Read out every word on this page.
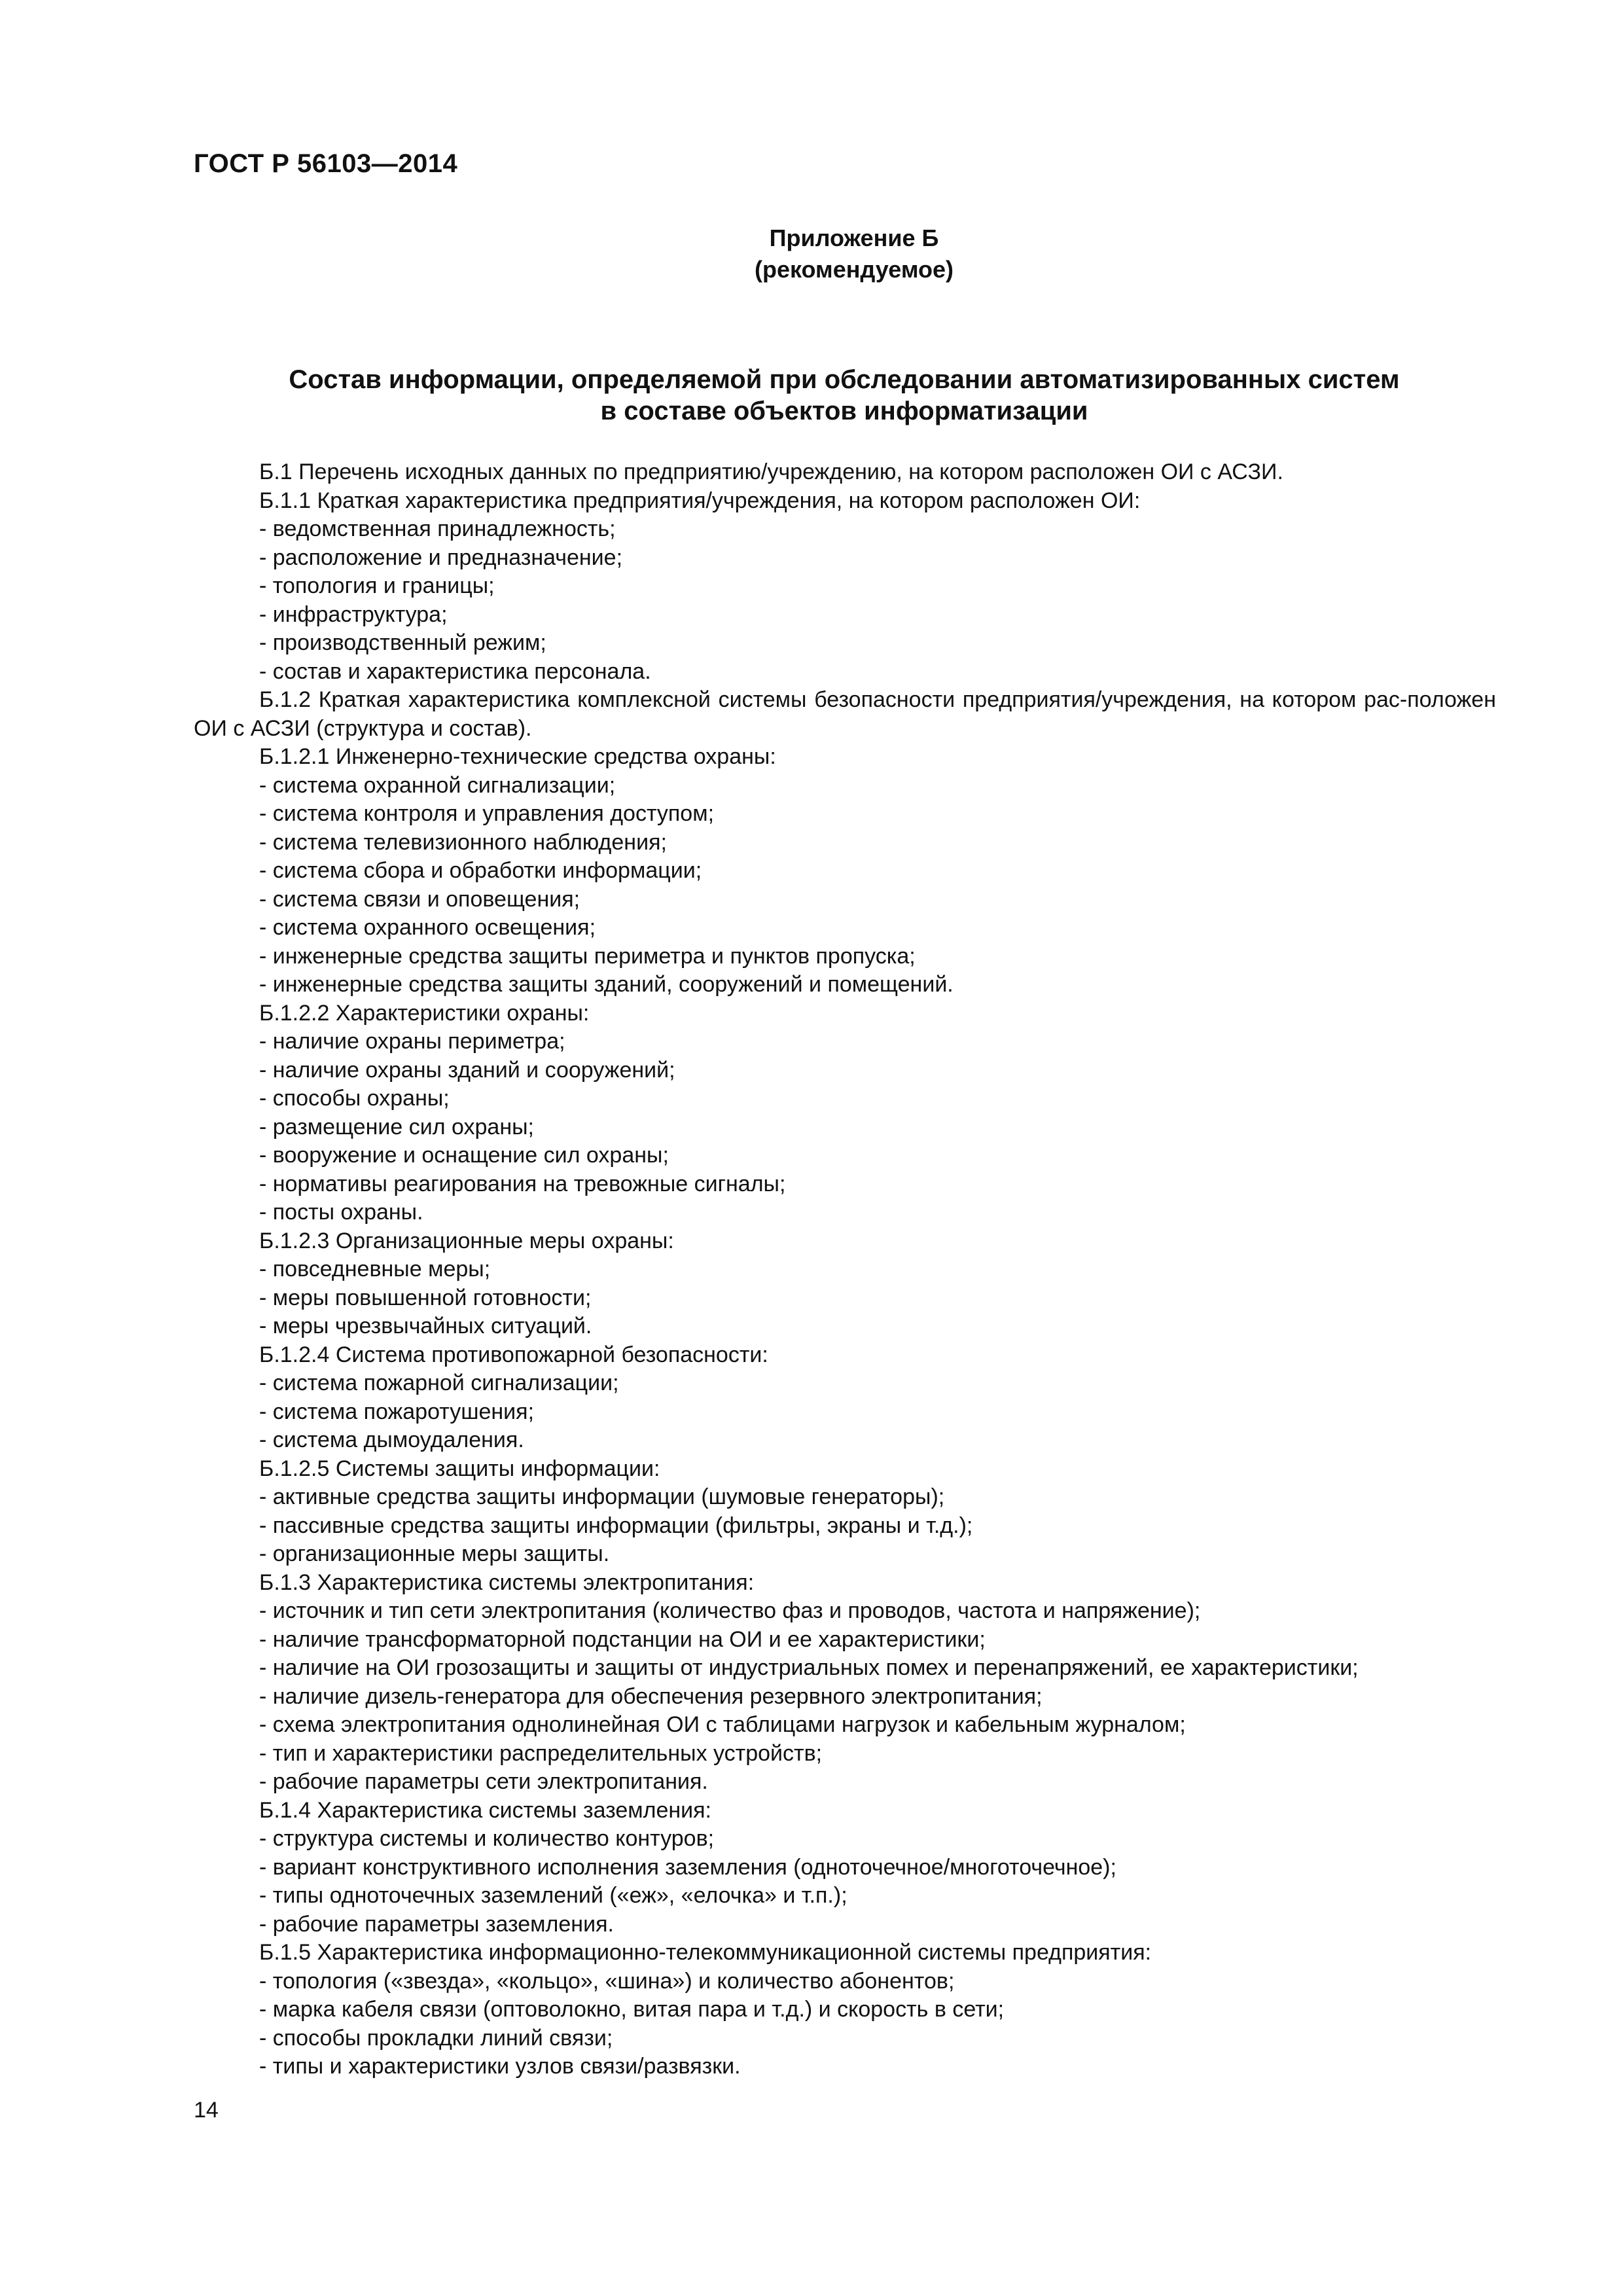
ГОСТ Р 56103—2014
Приложение Б
(рекомендуемое)
Состав информации, определяемой при обследовании автоматизированных систем
в составе объектов информатизации
Б.1 Перечень исходных данных по предприятию/учреждению, на котором расположен ОИ с АСЗИ.
Б.1.1 Краткая характеристика предприятия/учреждения, на котором расположен ОИ:
- ведомственная принадлежность;
- расположение и предназначение;
- топология и границы;
- инфраструктура;
- производственный режим;
- состав и характеристика персонала.
Б.1.2 Краткая характеристика комплексной системы безопасности предприятия/учреждения, на котором рас-положен ОИ с АСЗИ (структура и состав).
Б.1.2.1 Инженерно-технические средства охраны:
- система охранной сигнализации;
- система контроля и управления доступом;
- система телевизионного наблюдения;
- система сбора и обработки информации;
- система связи и оповещения;
- система охранного освещения;
- инженерные средства защиты периметра и пунктов пропуска;
- инженерные средства защиты зданий, сооружений и помещений.
Б.1.2.2 Характеристики охраны:
- наличие охраны периметра;
- наличие охраны зданий и сооружений;
- способы охраны;
- размещение сил охраны;
- вооружение и оснащение сил охраны;
- нормативы реагирования на тревожные сигналы;
- посты охраны.
Б.1.2.3 Организационные меры охраны:
- повседневные меры;
- меры повышенной готовности;
- меры чрезвычайных ситуаций.
Б.1.2.4 Система противопожарной безопасности:
- система пожарной сигнализации;
- система пожаротушения;
- система дымоудаления.
Б.1.2.5 Системы защиты информации:
- активные средства защиты информации (шумовые генераторы);
- пассивные средства защиты информации (фильтры, экраны и т.д.);
- организационные меры защиты.
Б.1.3 Характеристика системы электропитания:
- источник и тип сети электропитания (количество фаз и проводов, частота и напряжение);
- наличие трансформаторной подстанции на ОИ и ее характеристики;
- наличие на ОИ грозозащиты и защиты от индустриальных помех и перенапряжений, ее характеристики;
- наличие дизель-генератора для обеспечения резервного электропитания;
- схема электропитания однолинейная ОИ с таблицами нагрузок и кабельным журналом;
- тип и характеристики распределительных устройств;
- рабочие параметры сети электропитания.
Б.1.4 Характеристика системы заземления:
- структура системы и количество контуров;
- вариант конструктивного исполнения заземления (одноточечное/многоточечное);
- типы одноточечных заземлений («еж», «елочка» и т.п.);
- рабочие параметры заземления.
Б.1.5 Характеристика информационно-телекоммуникационной системы предприятия:
- топология («звезда», «кольцо», «шина») и количество абонентов;
- марка кабеля связи (оптоволокно, витая пара и т.д.) и скорость в сети;
- способы прокладки линий связи;
- типы и характеристики узлов связи/развязки.
14
